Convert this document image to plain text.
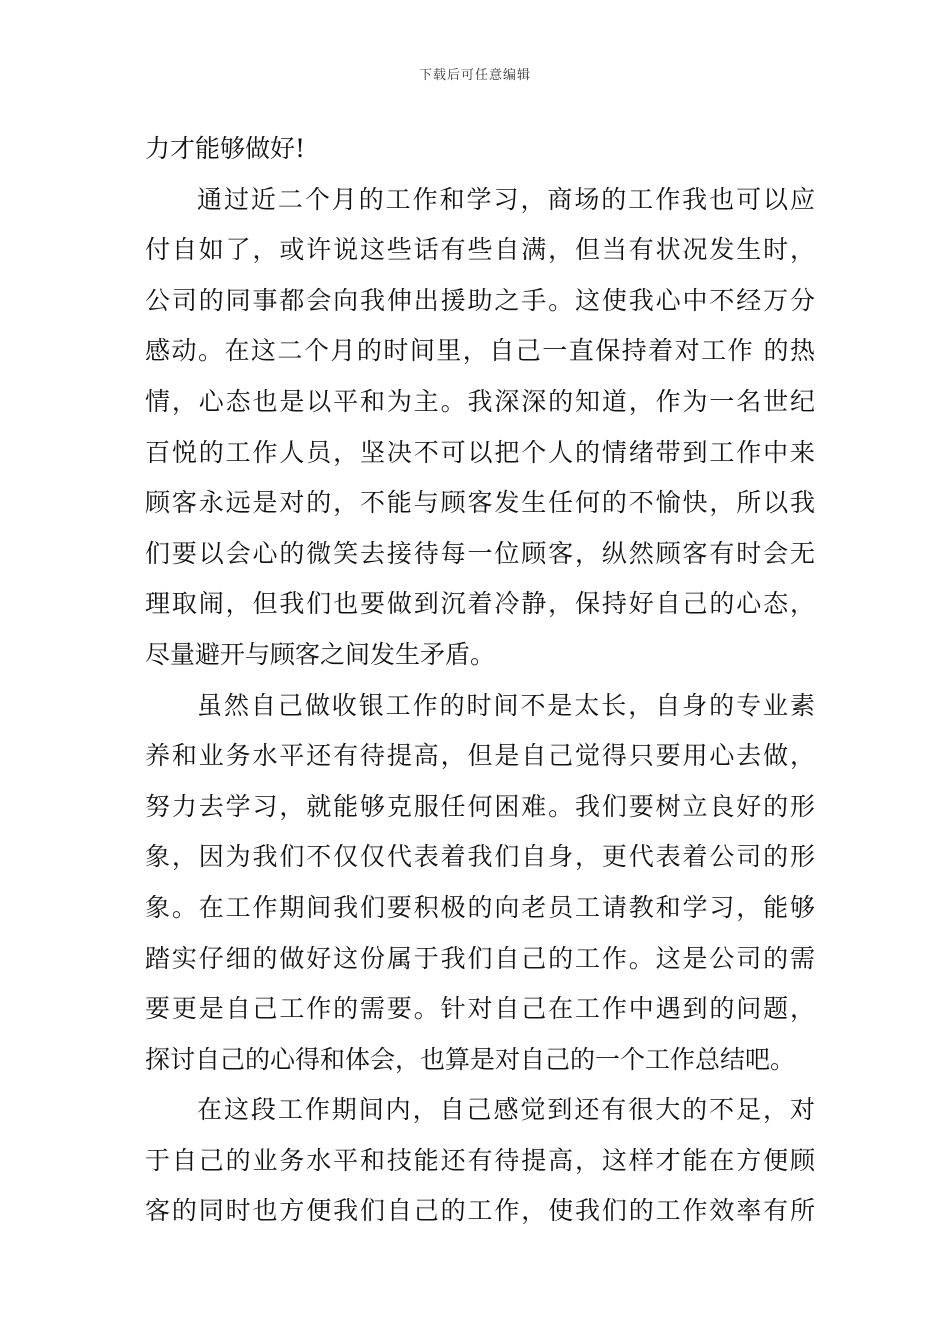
下载后可任意编辑
力才能够做好!
通过近二个月的工作和学习，商场的工作我也可以应
付自如了，或许说这些话有些自满，但当有状况发生时，
公司的同事都会向我伸出援助之手。这使我心中不经万分
感动。在这二个月的时间里，自己一直保持着对工作 的热
情，心态也是以平和为主。我深深的知道，作为一名世纪
百悦的工作人员，坚决不可以把个人的情绪带到工作中来
顾客永远是对的，不能与顾客发生任何的不愉快，所以我
们要以会心的微笑去接待每一位顾客，纵然顾客有时会无
理取闹，但我们也要做到沉着冷静，保持好自己的心态，
尽量避开与顾客之间发生矛盾。
虽然自己做收银工作的时间不是太长，自身的专业素
养和业务水平还有待提高，但是自己觉得只要用心去做，
努力去学习，就能够克服任何困难。我们要树立良好的形
象，因为我们不仅仅代表着我们自身，更代表着公司的形
象。在工作期间我们要积极的向老员工请教和学习，能够
踏实仔细的做好这份属于我们自己的工作。这是公司的需
要更是自己工作的需要。针对自己在工作中遇到的问题，
探讨自己的心得和体会，也算是对自己的一个工作总结吧。
在这段工作期间内，自己感觉到还有很大的不足，对
于自己的业务水平和技能还有待提高，这样才能在方便顾
客的同时也方便我们自己的工作，使我们的工作效率有所
